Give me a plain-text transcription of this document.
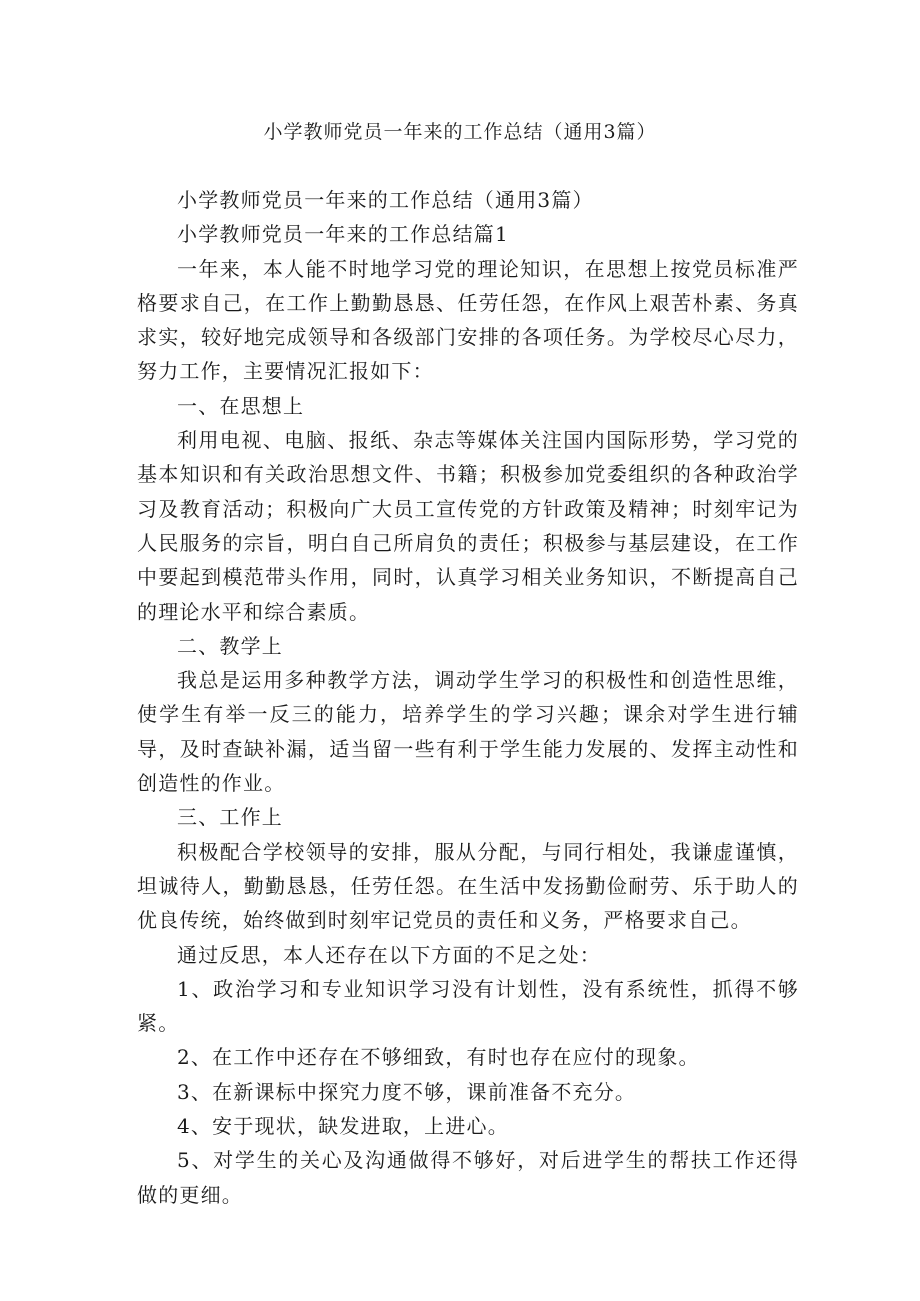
小学教师党员一年来的工作总结（通用3篇）

小学教师党员一年来的工作总结（通用3篇）

小学教师党员一年来的工作总结篇1

一年来，本人能不时地学习党的理论知识，在思想上按党员标准严格要求自己，在工作上勤勤恳恳、任劳任怨，在作风上艰苦朴素、务真求实，较好地完成领导和各级部门安排的各项任务。为学校尽心尽力，努力工作，主要情况汇报如下：

一、在思想上

利用电视、电脑、报纸、杂志等媒体关注国内国际形势，学习党的基本知识和有关政治思想文件、书籍；积极参加党委组织的各种政治学习及教育活动；积极向广大员工宣传党的方针政策及精神；时刻牢记为人民服务的宗旨，明白自己所肩负的责任；积极参与基层建设，在工作中要起到模范带头作用，同时，认真学习相关业务知识，不断提高自己的理论水平和综合素质。

二、教学上

我总是运用多种教学方法，调动学生学习的积极性和创造性思维，使学生有举一反三的能力，培养学生的学习兴趣；课余对学生进行辅导，及时查缺补漏，适当留一些有利于学生能力发展的、发挥主动性和创造性的作业。

三、工作上

积极配合学校领导的安排，服从分配，与同行相处，我谦虚谨慎，坦诚待人，勤勤恳恳，任劳任怨。在生活中发扬勤俭耐劳、乐于助人的优良传统，始终做到时刻牢记党员的责任和义务，严格要求自己。

通过反思，本人还存在以下方面的不足之处：

1、政治学习和专业知识学习没有计划性，没有系统性，抓得不够紧。

2、在工作中还存在不够细致，有时也存在应付的现象。

3、在新课标中探究力度不够，课前准备不充分。

4、安于现状，缺发进取，上进心。

5、对学生的关心及沟通做得不够好，对后进学生的帮扶工作还得做的更细。
